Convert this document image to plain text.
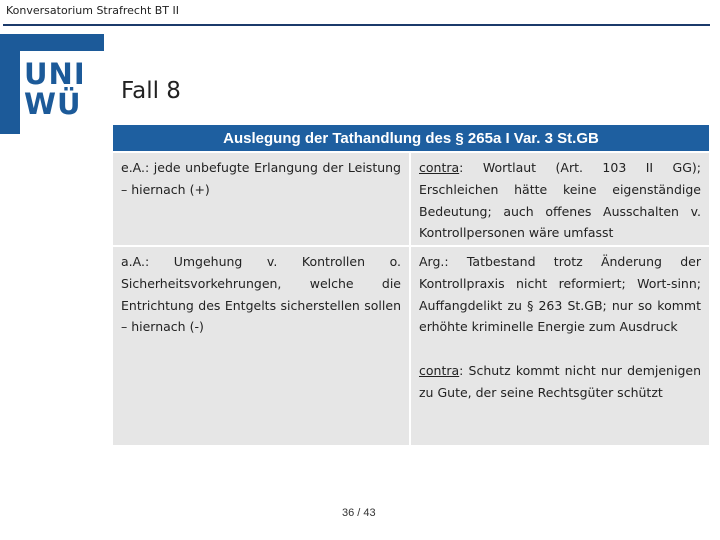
Konversatorium Strafrecht BT II
UNI
WÜ Fall 8
Auslegung der Tathandlung des § 265a I Var. 3 St.GB
e.A.: jede unbefugte Erlangung der Leistung – hiernach (+)
contra: Wortlaut (Art. 103 II GG); Erschleichen hätte keine eigenständige Bedeutung; auch offenes Ausschalten v. Kontrollpersonen wäre umfasst
a.A.: Umgehung v. Kontrollen o. Sicherheitsvorkehrungen, welche die Entrichtung des Entgelts sicherstellen sollen – hiernach (-)
Arg.: Tatbestand trotz Änderung der Kontrollpraxis nicht reformiert; Wort-sinn; Auffangdelikt zu § 263 St.GB; nur so kommt erhöhte kriminelle Energie zum Ausdruck
contra: Schutz kommt nicht nur demjenigen zu Gute, der seine Rechtsgüter schützt
36 / 43
